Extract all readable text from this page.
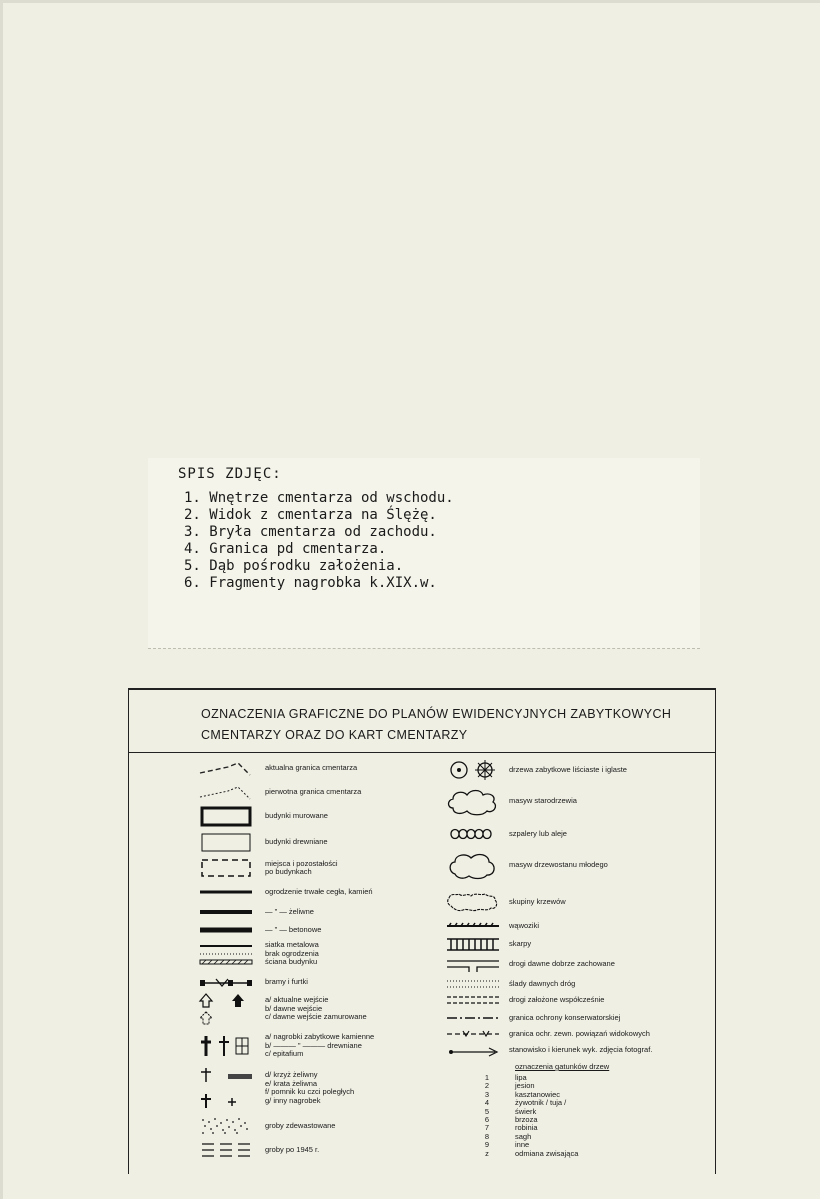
SPIS ZDJĘC:
1. Wnętrze cmentarza od wschodu.
2. Widok z cmentarza na Ślężę.
3. Bryła cmentarza od zachodu.
4. Granica pd cmentarza.
5. Dąb pośrodku założenia.
6. Fragmenty nagrobka k.XIX.w.
OZNACZENIA GRAFICZNE DO PLANÓW EWIDENCYJNYCH ZABYTKOWYCH
CMENTARZY ORAZ DO KART CMENTARZY
aktualna granica cmentarza
pierwotna granica cmentarza
budynki murowane
budynki drewniane
miejsca i pozostałości
po budynkach
ogrodzenie trwałe cegła, kamień
— " — żeliwne
— " — betonowe
siatka metalowa
brak ogrodzenia
ściana budynku
bramy i furtki
a/ aktualne wejście
b/ dawne wejście
c/ dawne wejście zamurowane
a/ nagrobki zabytkowe kamienne
b/ ——— " ——— drewniane
c/ epitafium
d/ krzyż żeliwny
e/ krata żeliwna
f/ pomnik ku czci poległych
g/ inny nagrobek
groby zdewastowane
groby po 1945 r.
drzewa zabytkowe liściaste i iglaste
masyw starodrzewia
szpalery lub aleje
masyw drzewostanu młodego
skupiny krzewów
wąwoziki
skarpy
drogi dawne dobrze zachowane
ślady dawnych dróg
drogi założone współcześnie
granica ochrony konserwatorskiej
granica ochr. zewn. powiązań widokowych
stanowisko i kierunek wyk. zdjęcia fotograf.
oznaczenia gatunków drzew
1	lipa
2	jesion
3	kasztanowiec
4	żywotnik / tuja /
5	świerk
6	brzoza
7	robinia
8	sagh
9	inne
z	odmiana zwisająca
